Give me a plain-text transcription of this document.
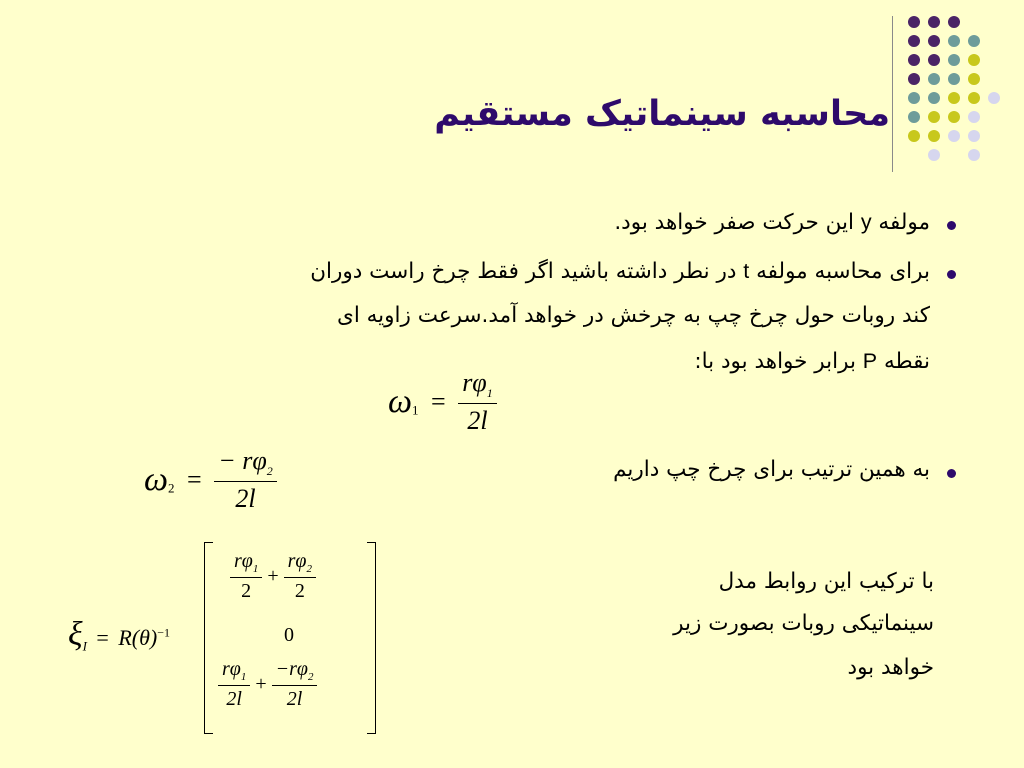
محاسبه سینماتیک مستقیم
مولفه y این حرکت صفر خواهد بود.
برای محاسبه مولفه t در نطر داشته باشید اگر فقط چرخ راست دوران
کند روبات حول چرخ چپ به چرخش در خواهد آمد.سرعت زاویه ای
نقطه P برابر خواهد بود با:
$\omega_1 = \frac{r\varphi_1}{2l}$
به همین ترتیب برای چرخ چپ داریم
$\omega_2 = \frac{- r\varphi_2}{2l}$
با ترکیب این روابط مدل
سینماتیکی روبات بصورت زیر
خواهد بود
$\xi_I = R(\theta)^{-1}$
$\frac{r\varphi_1}{2} + \frac{r\varphi_2}{2}$
0
$\frac{r\varphi_1}{2l} + \frac{-r\varphi_2}{2l}$
